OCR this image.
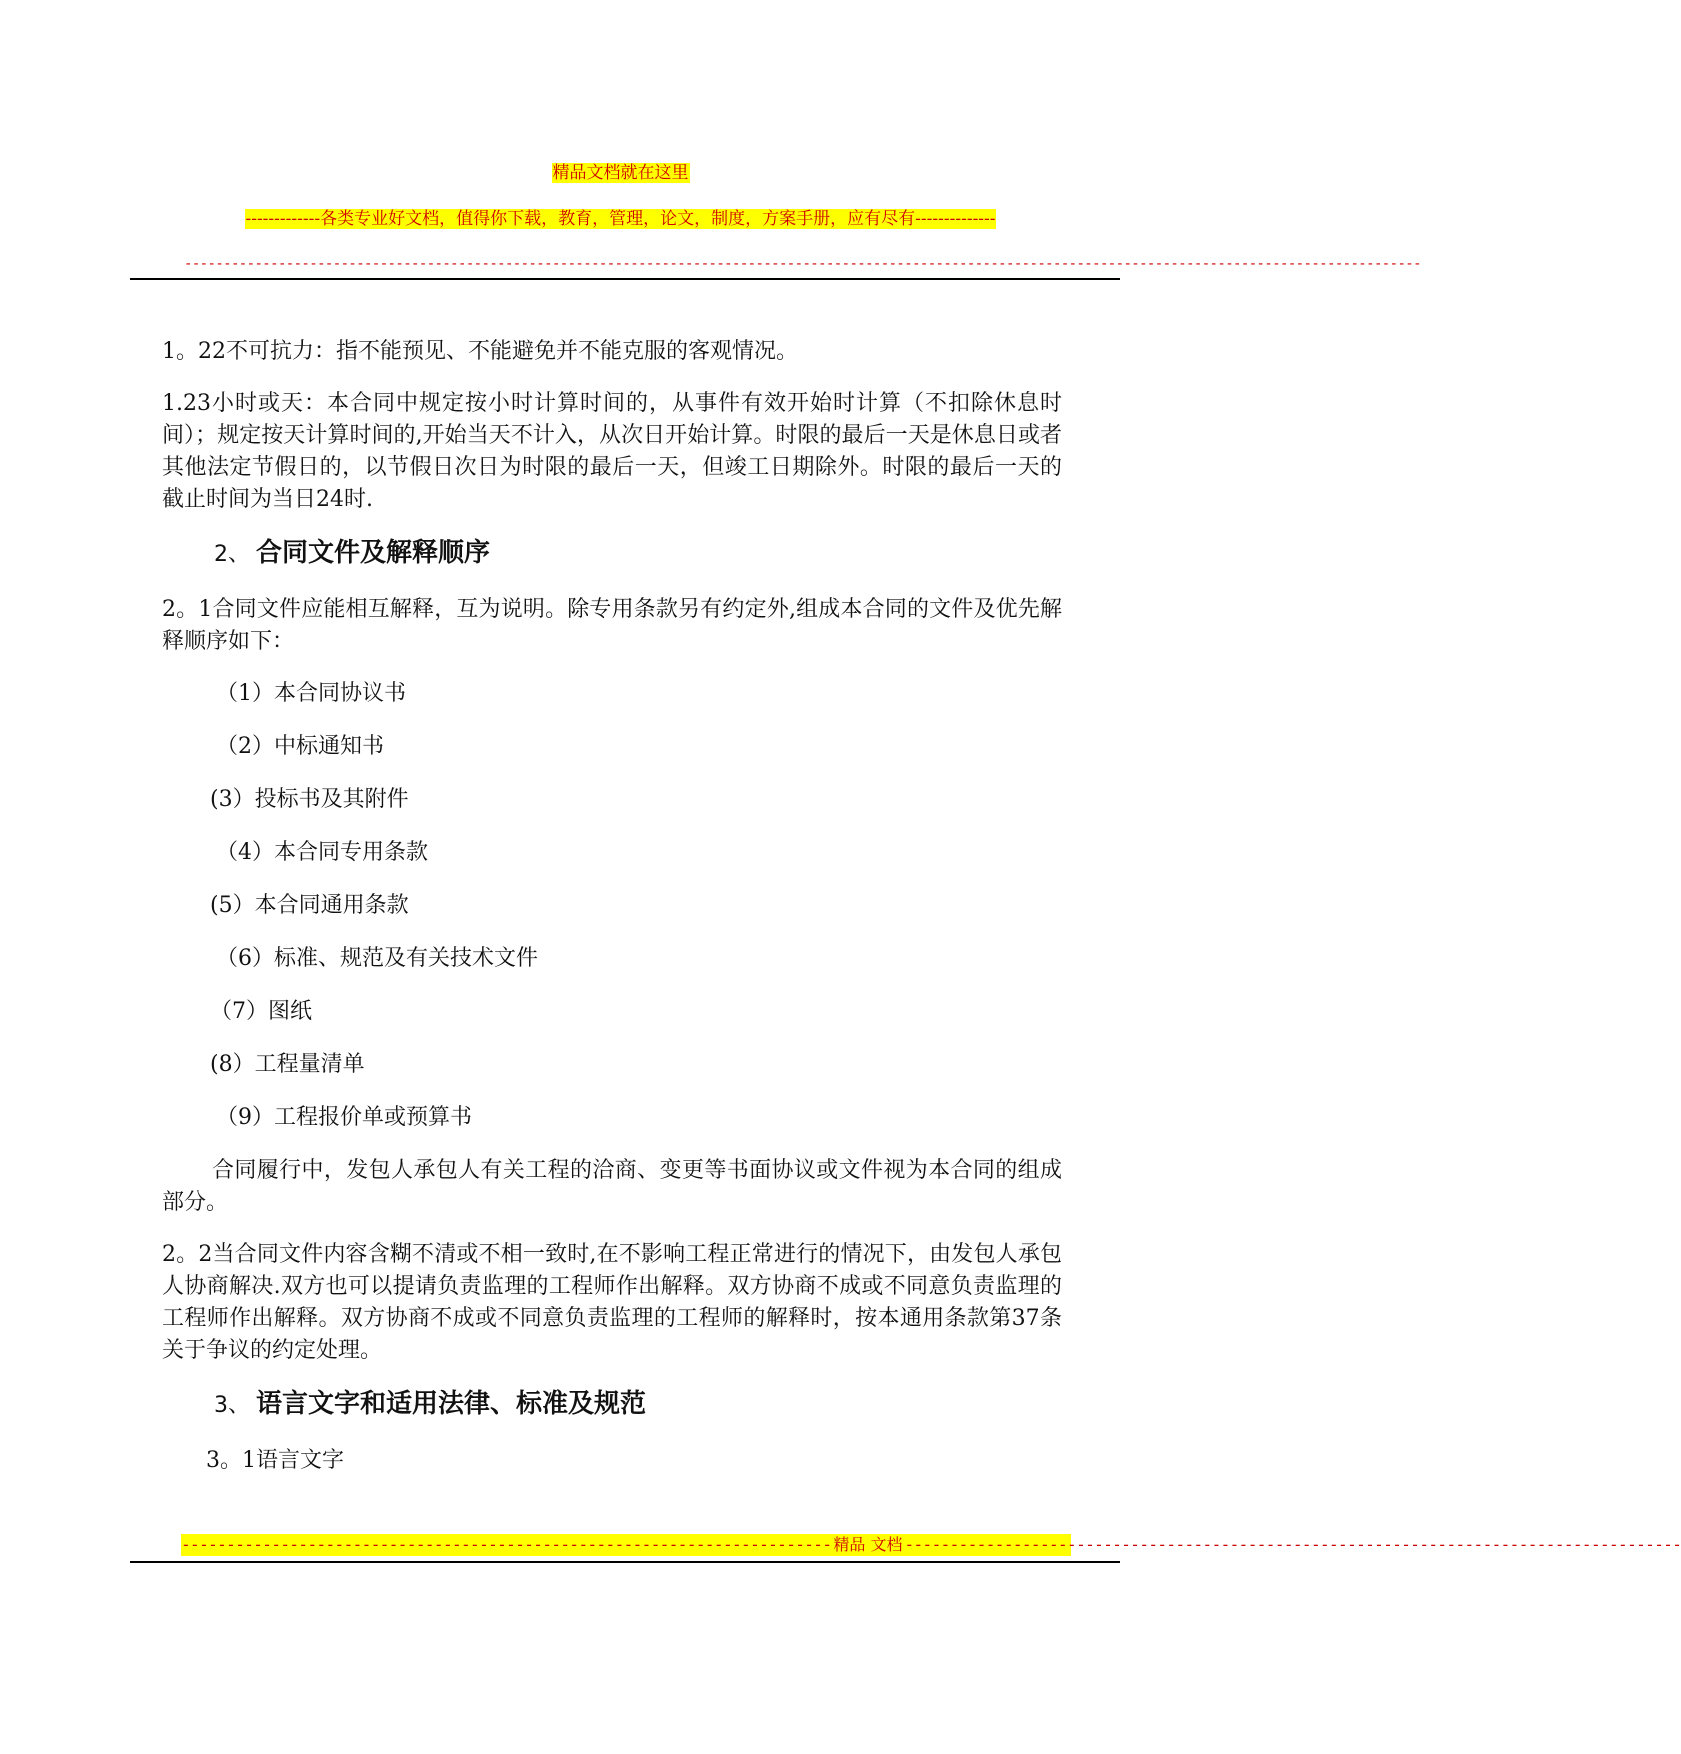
精品文档就在这里
-------------各类专业好文档，值得你下载，教育，管理，论文，制度，方案手册，应有尽有--------------
--------------------------------------------------------------------------------------------------------------------------------------------------------------

1。22不可抗力：指不能预见、不能避免并不能克服的客观情况。

1.23小时或天：本合同中规定按小时计算时间的，从事件有效开始时计算（不扣除休息时间）；规定按天计算时间的,开始当天不计入，从次日开始计算。时限的最后一天是休息日或者其他法定节假日的，以节假日次日为时限的最后一天，但竣工日期除外。时限的最后一天的截止时间为当日24时.

2、 合同文件及解释顺序

2。1合同文件应能相互解释，互为说明。除专用条款另有约定外,组成本合同的文件及优先解释顺序如下：

（1）本合同协议书
（2）中标通知书
(3）投标书及其附件
（4）本合同专用条款
(5）本合同通用条款
（6）标准、规范及有关技术文件
（7）图纸
(8）工程量清单
（9）工程报价单或预算书

合同履行中，发包人承包人有关工程的洽商、变更等书面协议或文件视为本合同的组成部分。

2。2当合同文件内容含糊不清或不相一致时,在不影响工程正常进行的情况下，由发包人承包人协商解决.双方也可以提请负责监理的工程师作出解释。双方协商不成或不同意负责监理的工程师作出解释。双方协商不成或不同意负责监理的工程师的解释时，按本通用条款第37条关于争议的约定处理。

3、 语言文字和适用法律、标准及规范

3。1语言文字

------------------------------------------------------------------------ 精品 文档 --------------------------------------------------------------------------------------
